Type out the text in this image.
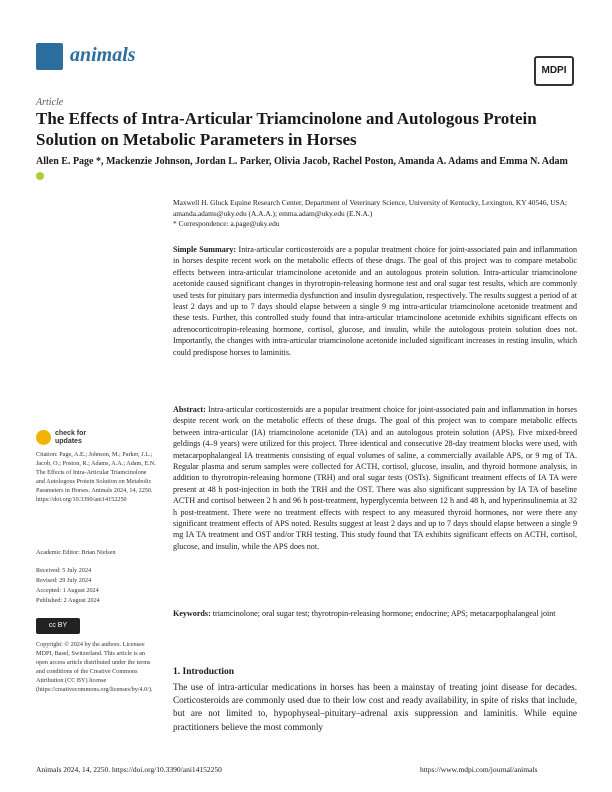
animals
MDPI
Article
The Effects of Intra-Articular Triamcinolone and Autologous Protein Solution on Metabolic Parameters in Horses
Allen E. Page *, Mackenzie Johnson, Jordan L. Parker, Olivia Jacob, Rachel Poston, Amanda A. Adams and Emma N. Adam
Maxwell H. Gluck Equine Research Center, Department of Veterinary Science, University of Kentucky, Lexington, KY 40546, USA; amanda.adams@uky.edu (A.A.A.); emma.adam@uky.edu (E.N.A.)
* Correspondence: a.page@uky.edu
Simple Summary: Intra-articular corticosteroids are a popular treatment choice for joint-associated pain and inflammation in horses despite recent work on the metabolic effects of these drugs. The goal of this project was to compare metabolic effects between intra-articular triamcinolone acetonide and an autologous protein solution. Intra-articular triamcinolone acetonide caused significant changes in thyrotropin-releasing hormone test and oral sugar test results, which are commonly used tests for pituitary pars intermedia dysfunction and insulin dysregulation, respectively. The results suggest a period of at least 2 days and up to 7 days should elapse between a single 9 mg intra-articular triamcinolone acetonide treatment and these tests. Further, this controlled study found that intra-articular triamcinolone acetonide exhibits significant effects on adrenocorticotropin-releasing hormone, cortisol, glucose, and insulin, while the autologous protein solution does not. Importantly, the changes with intra-articular triamcinolone acetonide included significant increases in resting insulin, which could predispose horses to laminitis.
Abstract: Intra-articular corticosteroids are a popular treatment choice for joint-associated pain and inflammation in horses despite recent work on the metabolic effects of these drugs. The goal of this project was to compare metabolic effects between intra-articular (IA) triamcinolone acetonide (TA) and an autologous protein solution (APS). Five mixed-breed geldings (4–9 years) were utilized for this project. Three identical and consecutive 28-day treatment blocks were used, with metacarpophalangeal IA treatments consisting of equal volumes of saline, a commercially available APS, or 9 mg of TA. Regular plasma and serum samples were collected for ACTH, cortisol, glucose, insulin, and thyroid hormone analysis, in addition to thyrotropin-releasing hormone (TRH) and oral sugar tests (OSTs). Significant treatment effects of IA TA were present at 48 h post-injection in both the TRH and the OST. There was also significant suppression by IA TA of baseline ACTH and cortisol between 2 h and 96 h post-treatment, hyperglycemia between 12 h and 48 h, and hyperinsulinemia at 32 h post-treatment. There were no treatment effects with respect to any measured thyroid hormones, nor were there any significant treatment effects of APS noted. Results suggest at least 2 days and up to 7 days should elapse between a single 9 mg IA TA treatment and OST and/or TRH testing. This study found that TA exhibits significant effects on ACTH, cortisol, glucose, and insulin, while the APS does not.
Keywords: triamcinolone; oral sugar test; thyrotropin-releasing hormone; endocrine; APS; metacarpophalangeal joint
check for updates
Citation: Page, A.E.; Johnson, M.; Parker, J.L.; Jacob, O.; Poston, R.; Adams, A.A.; Adam, E.N. The Effects of Intra-Articular Triamcinolone and Autologous Protein Solution on Metabolic Parameters in Horses. Animals 2024, 14, 2250. https://doi.org/10.3390/ani14152250
Academic Editor: Brian Nielsen
Received: 5 July 2024
Revised: 29 July 2024
Accepted: 1 August 2024
Published: 2 August 2024
cc BY
Copyright: © 2024 by the authors. Licensee MDPI, Basel, Switzerland. This article is an open access article distributed under the terms and conditions of the Creative Commons Attribution (CC BY) license (https://creativecommons.org/licenses/by/4.0/).
1. Introduction
The use of intra-articular medications in horses has been a mainstay of treating joint disease for decades. Corticosteroids are commonly used due to their low cost and ready availability, in spite of risks that include, but are not limited to, hypophyseal–pituitary–adrenal axis suppression and laminitis. While equine practitioners believe the most commonly
Animals 2024, 14, 2250. https://doi.org/10.3390/ani14152250	https://www.mdpi.com/journal/animals
